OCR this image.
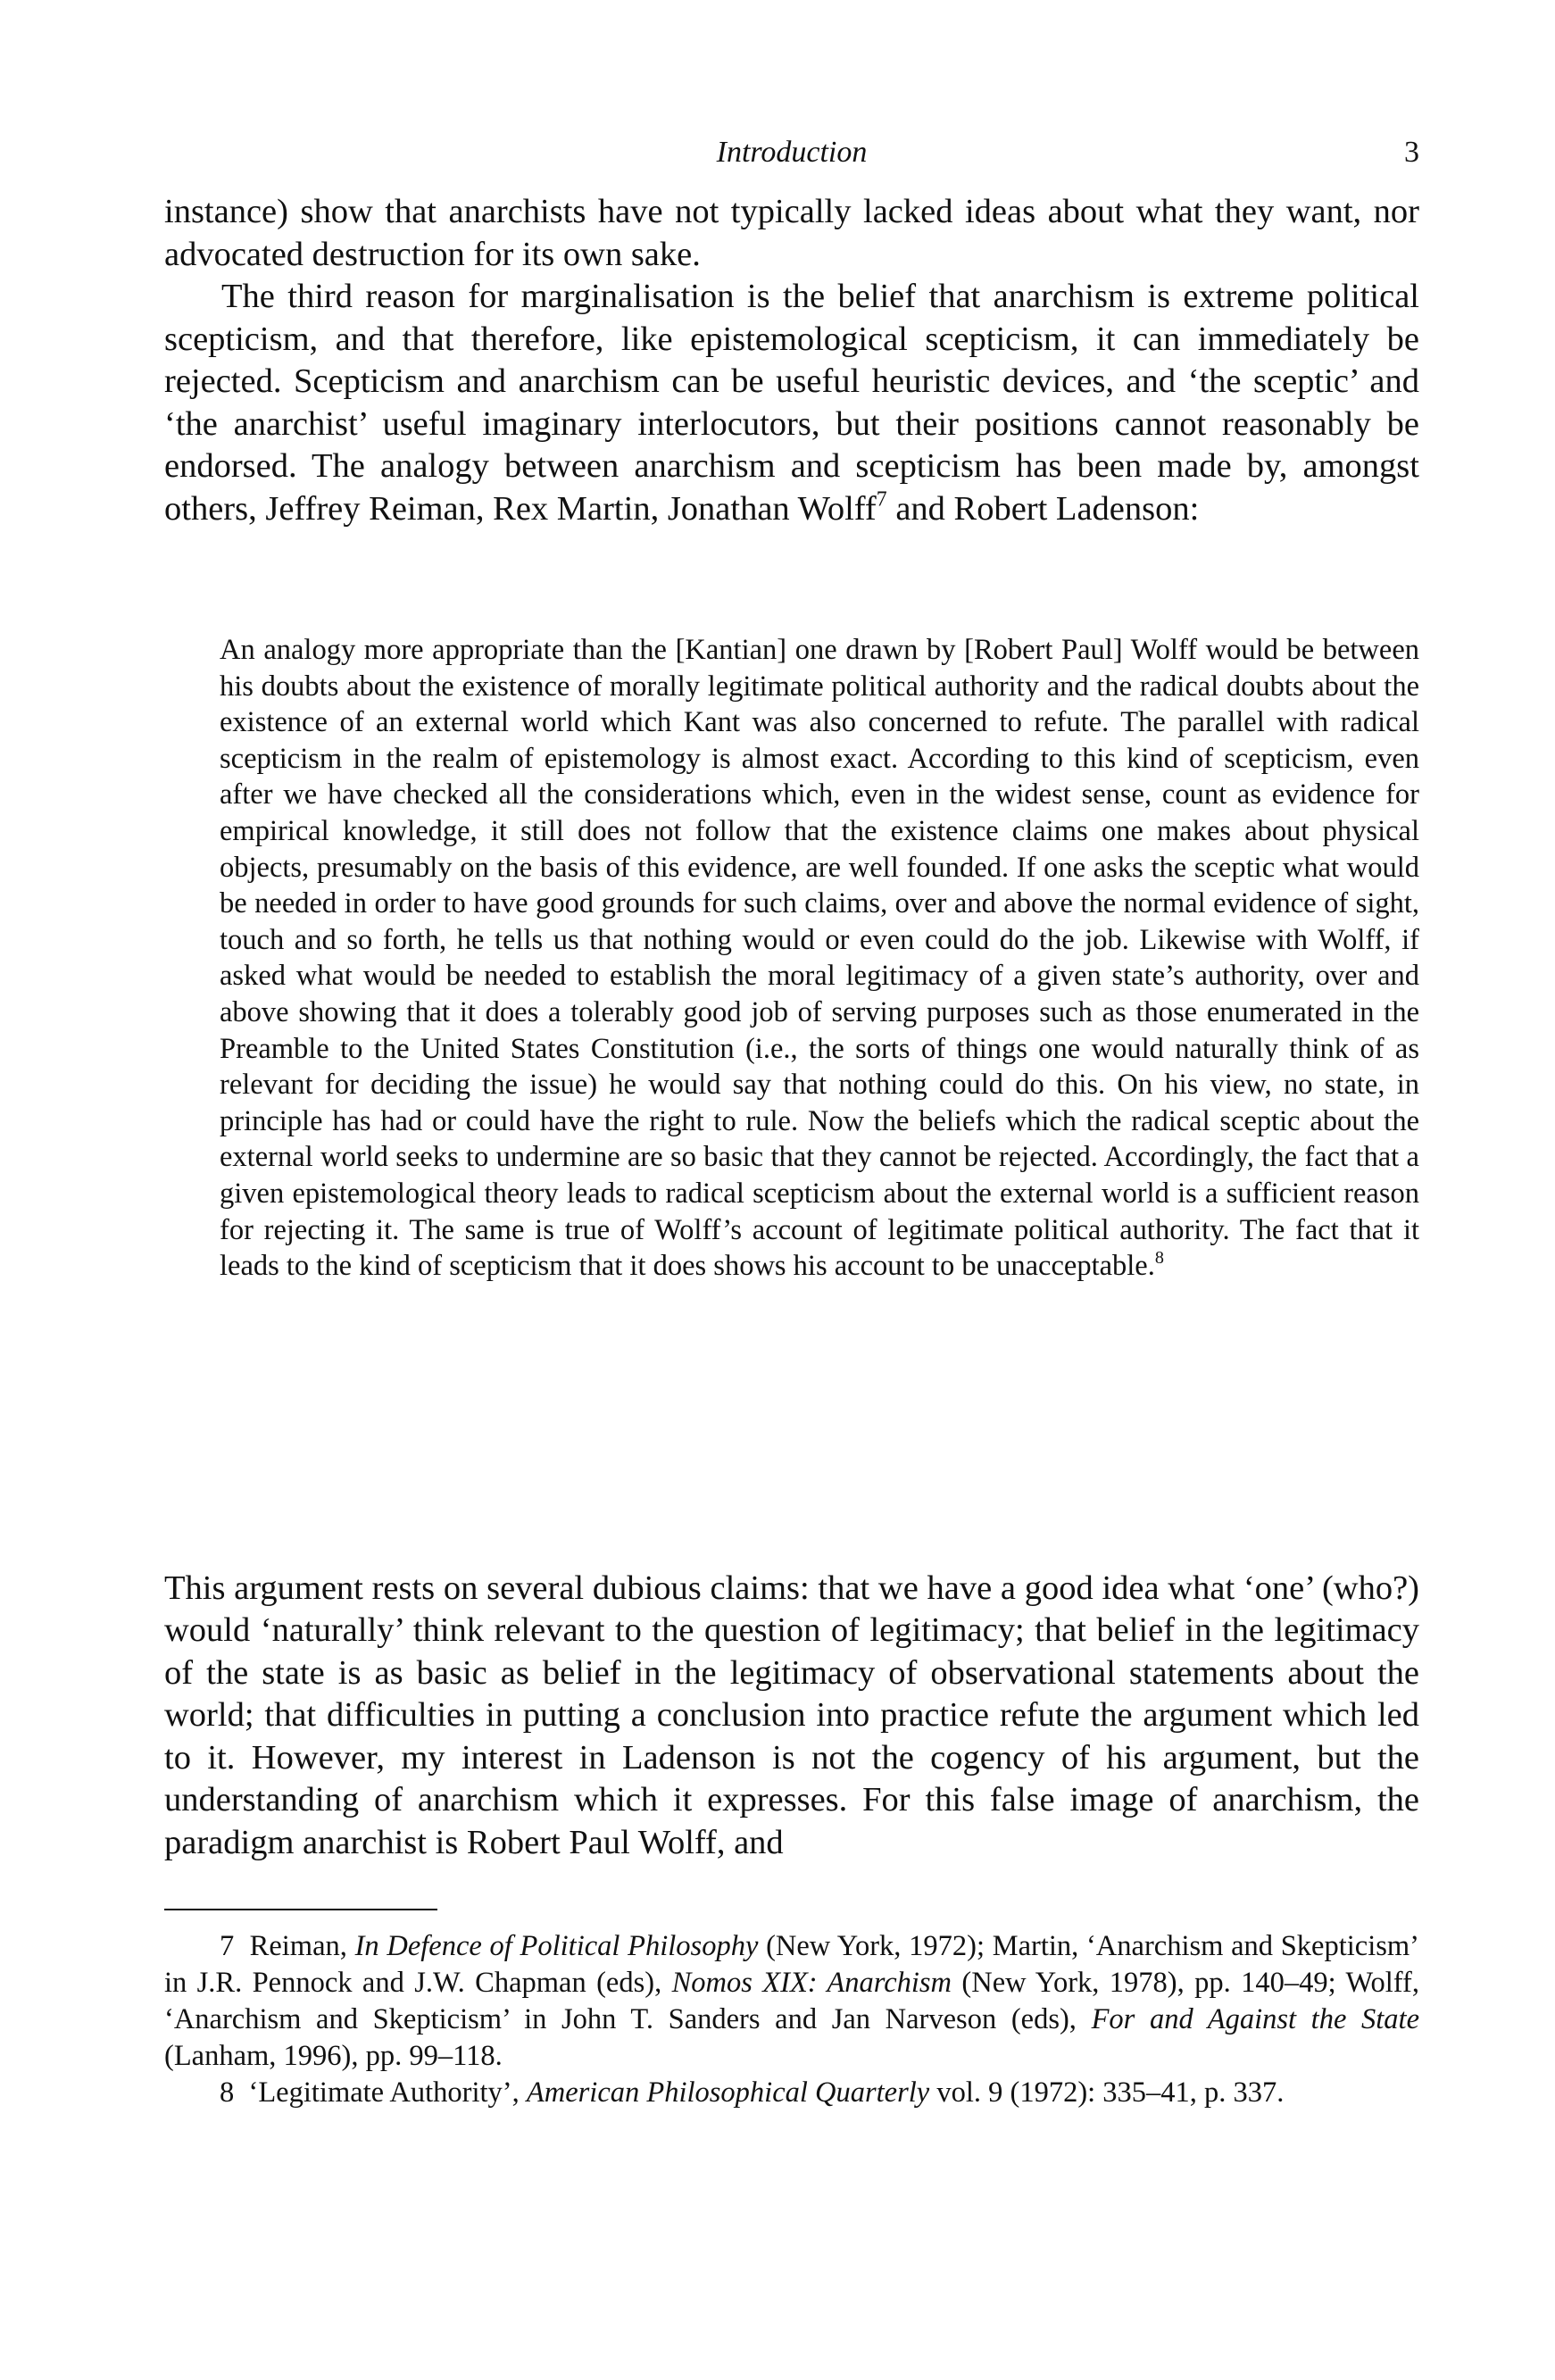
Introduction	3

instance) show that anarchists have not typically lacked ideas about what they want, nor advocated destruction for its own sake.

The third reason for marginalisation is the belief that anarchism is extreme political scepticism, and that therefore, like epistemological scepticism, it can immediately be rejected. Scepticism and anarchism can be useful heuristic devices, and ‘the sceptic’ and ‘the anarchist’ useful imaginary interlocutors, but their positions cannot reasonably be endorsed. The analogy between anarchism and scepticism has been made by, amongst others, Jeffrey Reiman, Rex Martin, Jonathan Wolff$^7$ and Robert Ladenson:

An analogy more appropriate than the [Kantian] one drawn by [Robert Paul] Wolff would be between his doubts about the existence of morally legitimate political authority and the radical doubts about the existence of an external world which Kant was also concerned to refute. The parallel with radical scepticism in the realm of epistemology is almost exact. According to this kind of scepticism, even after we have checked all the considerations which, even in the widest sense, count as evidence for empirical knowledge, it still does not follow that the existence claims one makes about physical objects, presumably on the basis of this evidence, are well founded. If one asks the sceptic what would be needed in order to have good grounds for such claims, over and above the normal evidence of sight, touch and so forth, he tells us that nothing would or even could do the job. Likewise with Wolff, if asked what would be needed to establish the moral legitimacy of a given state’s authority, over and above showing that it does a tolerably good job of serving purposes such as those enumerated in the Preamble to the United States Constitution (i.e., the sorts of things one would naturally think of as relevant for deciding the issue) he would say that nothing could do this. On his view, no state, in principle has had or could have the right to rule. Now the beliefs which the radical sceptic about the external world seeks to undermine are so basic that they cannot be rejected. Accordingly, the fact that a given epistemological theory leads to radical scepticism about the external world is a sufficient reason for rejecting it. The same is true of Wolff’s account of legitimate political authority. The fact that it leads to the kind of scepticism that it does shows his account to be unacceptable.$^8$

This argument rests on several dubious claims: that we have a good idea what ‘one’ (who?) would ‘naturally’ think relevant to the question of legitimacy; that belief in the legitimacy of the state is as basic as belief in the legitimacy of observational statements about the world; that difficulties in putting a conclusion into practice refute the argument which led to it. However, my interest in Ladenson is not the cogency of his argument, but the understanding of anarchism which it expresses. For this false image of anarchism, the paradigm anarchist is Robert Paul Wolff, and

7 Reiman, In Defence of Political Philosophy (New York, 1972); Martin, ‘Anarchism and Skepticism’ in J.R. Pennock and J.W. Chapman (eds), Nomos XIX: Anarchism (New York, 1978), pp. 140–49; Wolff, ‘Anarchism and Skepticism’ in John T. Sanders and Jan Narveson (eds), For and Against the State (Lanham, 1996), pp. 99–118.

8 ‘Legitimate Authority’, American Philosophical Quarterly vol. 9 (1972): 335–41, p. 337.
